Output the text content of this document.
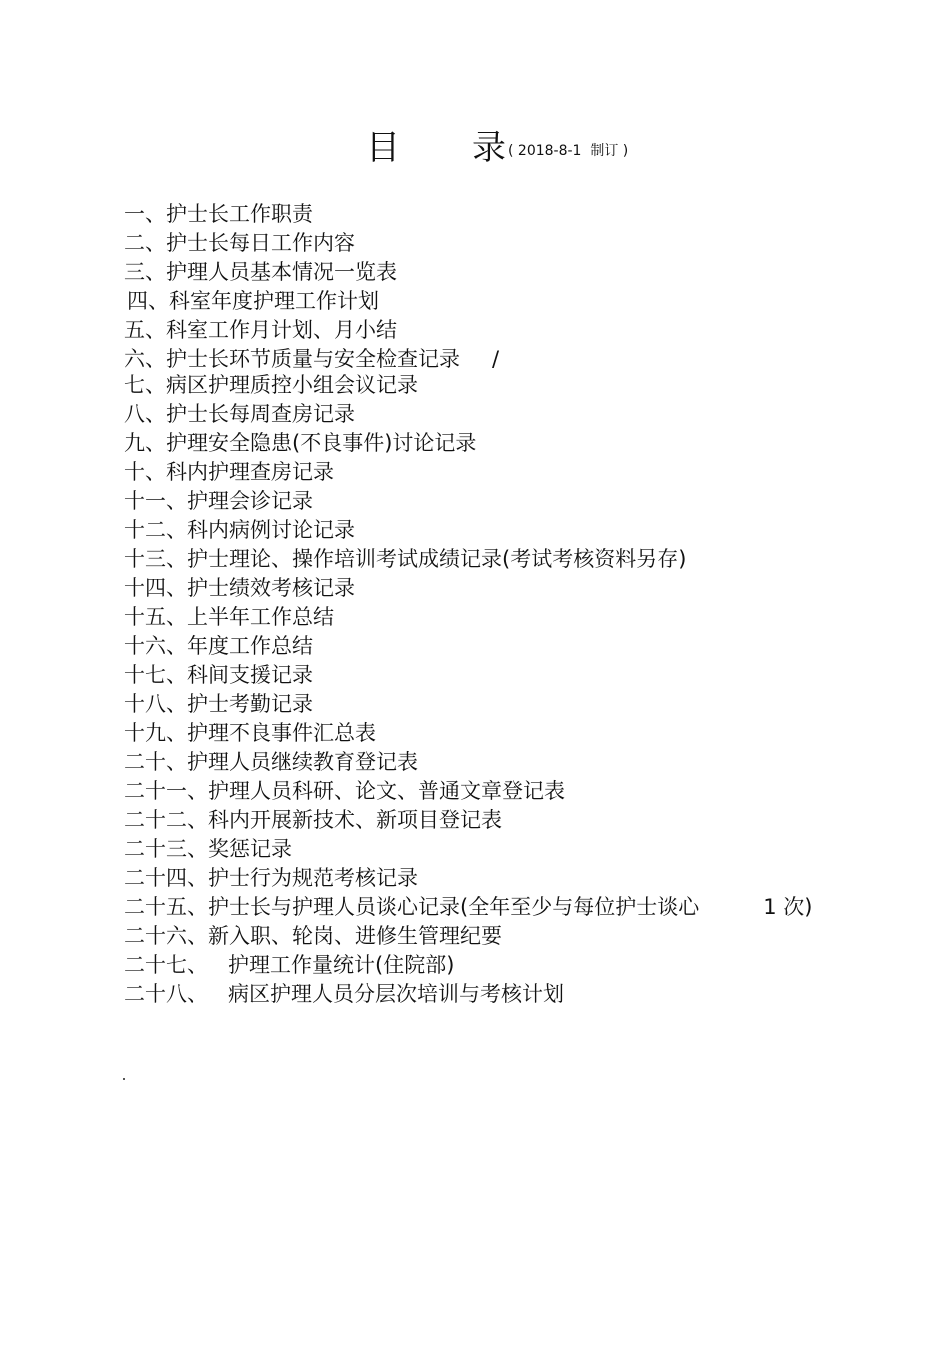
目 录 ( 2018-8-1  制订 )
一、护士长工作职责
二、护士长每日工作内容
三、护理人员基本情况一览表
四、科室年度护理工作计划
五、科室工作月计划、月小结
六、护士长环节质量与安全检查记录 /
七、病区护理质控小组会议记录
八、护士长每周查房记录
九、护理安全隐患(不良事件)讨论记录
十、科内护理查房记录
十一、护理会诊记录
十二、科内病例讨论记录
十三、护士理论、操作培训考试成绩记录(考试考核资料另存)
十四、护士绩效考核记录
十五、上半年工作总结
十六、年度工作总结
十七、科间支援记录
十八、护士考勤记录
十九、护理不良事件汇总表
二十、护理人员继续教育登记表
二十一、护理人员科研、论文、普通文章登记表
二十二、科内开展新技术、新项目登记表
二十三、奖惩记录
二十四、护士行为规范考核记录
二十五、护士长与护理人员谈心记录(全年至少与每位护士谈心	1 次)
二十六、新入职、轮岗、进修生管理纪要
二十七、   护理工作量统计(住院部)
二十八、   病区护理人员分层次培训与考核计划
